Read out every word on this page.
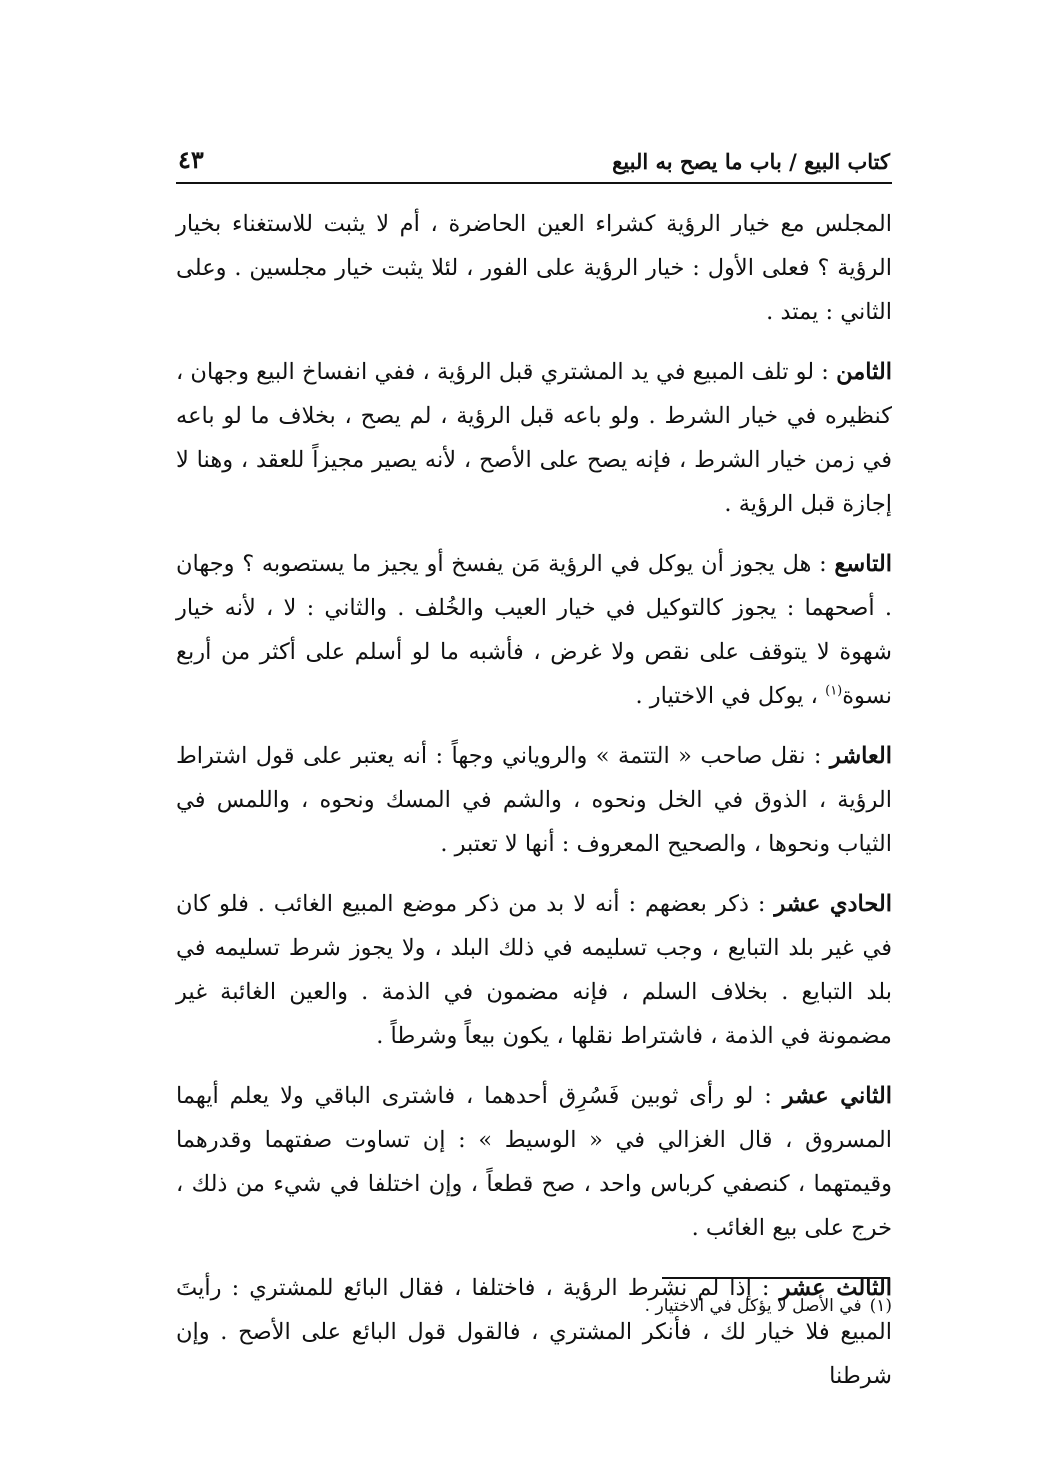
كتاب البيع / باب ما يصح به البيع
٤٣

المجلس مع خيار الرؤية كشراء العين الحاضرة ، أم لا يثبت للاستغناء بخيار الرؤية ؟ فعلى الأول : خيار الرؤية على الفور ، لئلا يثبت خيار مجلسين . وعلى الثاني : يمتد .

الثامن : لو تلف المبيع في يد المشتري قبل الرؤية ، ففي انفساخ البيع وجهان ، كنظيره في خيار الشرط . ولو باعه قبل الرؤية ، لم يصح ، بخلاف ما لو باعه في زمن خيار الشرط ، فإنه يصح على الأصح ، لأنه يصير مجيزاً للعقد ، وهنا لا إجازة قبل الرؤية .

التاسع : هل يجوز أن يوكل في الرؤية مَن يفسخ أو يجيز ما يستصوبه ؟ وجهان . أصحهما : يجوز كالتوكيل في خيار العيب والخُلف . والثاني : لا ، لأنه خيار شهوة لا يتوقف على نقص ولا غرض ، فأشبه ما لو أسلم على أكثر من أربع نسوة$^{(١)}$ ، يوكل في الاختيار .

العاشر : نقل صاحب « التتمة » والروياني وجهاً : أنه يعتبر على قول اشتراط الرؤية ، الذوق في الخل ونحوه ، والشم في المسك ونحوه ، واللمس في الثياب ونحوها ، والصحيح المعروف : أنها لا تعتبر .

الحادي عشر : ذكر بعضهم : أنه لا بد من ذكر موضع المبيع الغائب . فلو كان في غير بلد التبايع ، وجب تسليمه في ذلك البلد ، ولا يجوز شرط تسليمه في بلد التبايع . بخلاف السلم ، فإنه مضمون في الذمة . والعين الغائبة غير مضمونة في الذمة ، فاشتراط نقلها ، يكون بيعاً وشرطاً .

الثاني عشر : لو رأى ثوبين فَسُرِق أحدهما ، فاشترى الباقي ولا يعلم أيهما المسروق ، قال الغزالي في « الوسيط » : إن تساوت صفتهما وقدرهما وقيمتهما ، كنصفي كرباس واحد ، صح قطعاً ، وإن اختلفا في شيء من ذلك ، خرج على بيع الغائب .

الثالث عشر : إذا لم نشرط الرؤية ، فاختلفا ، فقال البائع للمشتري : رأيتَ المبيع فلا خيار لك ، فأنكر المشتري ، فالقول قول البائع على الأصح . وإن شرطنا

(١)في الأصل لا يؤكل في الاختيار .
